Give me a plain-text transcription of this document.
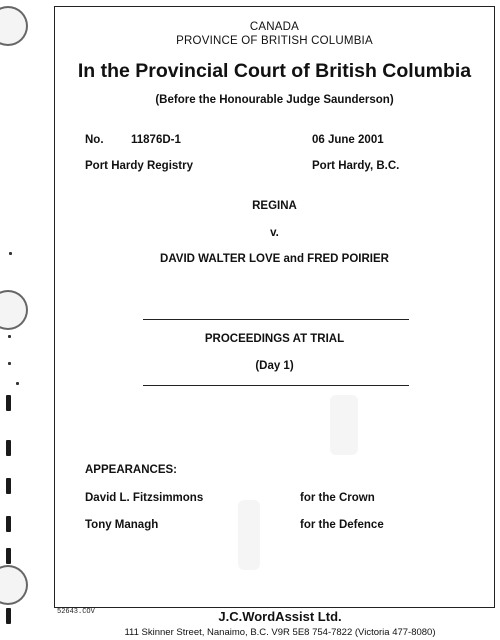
CANADA

PROVINCE OF BRITISH COLUMBIA

In the Provincial Court of British Columbia

(Before the Honourable Judge Saunderson)

No. 11876D-1	06 June 2001

Port Hardy Registry	Port Hardy, B.C.

REGINA

v.

DAVID WALTER LOVE and FRED POIRIER

PROCEEDINGS AT TRIAL

(Day 1)

APPEARANCES:

David L. Fitzsimmons	for the Crown

Tony Managh	for the Defence

52643.COV	J.C.WordAssist Ltd.

111 Skinner Street, Nanaimo, B.C. V9R 5E8 754-7822 (Victoria 477-8080)
